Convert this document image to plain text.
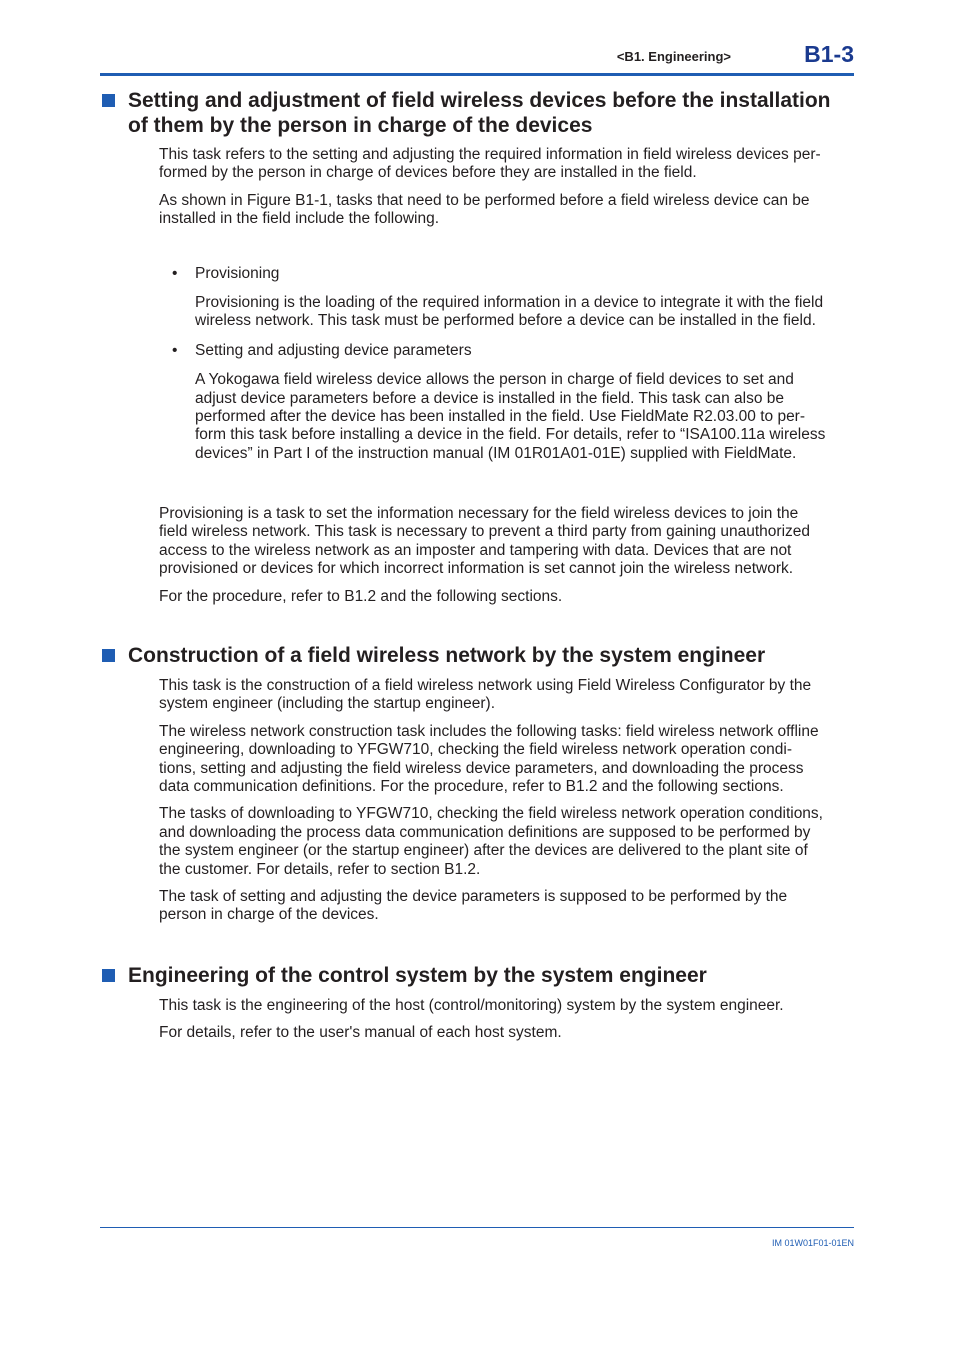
<B1. Engineering>	B1-3
Setting and adjustment of field wireless devices before the installation
of them by the person in charge of the devices

This task refers to the setting and adjusting the required information in field wireless devices per-
formed by the person in charge of devices before they are installed in the field.

As shown in Figure B1-1, tasks that need to be performed before a field wireless device can be
installed in the field include the following.

• Provisioning

Provisioning is the loading of the required information in a device to integrate it with the field
wireless network. This task must be performed before a device can be installed in the field.

• Setting and adjusting device parameters

A Yokogawa field wireless device allows the person in charge of field devices to set and
adjust device parameters before a device is installed in the field. This task can also be
performed after the device has been installed in the field. Use FieldMate R2.03.00 to per-
form this task before installing a device in the field. For details, refer to “ISA100.11a wireless
devices” in Part I of the instruction manual (IM 01R01A01-01E) supplied with FieldMate.

Provisioning is a task to set the information necessary for the field wireless devices to join the
field wireless network. This task is necessary to prevent a third party from gaining unauthorized
access to the wireless network as an imposter and tampering with data. Devices that are not
provisioned or devices for which incorrect information is set cannot join the wireless network.

For the procedure, refer to B1.2 and the following sections.

Construction of a field wireless network by the system engineer

This task is the construction of a field wireless network using Field Wireless Configurator by the
system engineer (including the startup engineer).

The wireless network construction task includes the following tasks: field wireless network offline
engineering, downloading to YFGW710, checking the field wireless network operation condi-
tions, setting and adjusting the field wireless device parameters, and downloading the process
data communication definitions. For the procedure, refer to B1.2 and the following sections.

The tasks of downloading to YFGW710, checking the field wireless network operation conditions,
and downloading the process data communication definitions are supposed to be performed by
the system engineer (or the startup engineer) after the devices are delivered to the plant site of
the customer. For details, refer to section B1.2.

The task of setting and adjusting the device parameters is supposed to be performed by the
person in charge of the devices.

Engineering of the control system by the system engineer

This task is the engineering of the host (control/monitoring) system by the system engineer.

For details, refer to the user's manual of each host system.

IM 01W01F01-01EN
